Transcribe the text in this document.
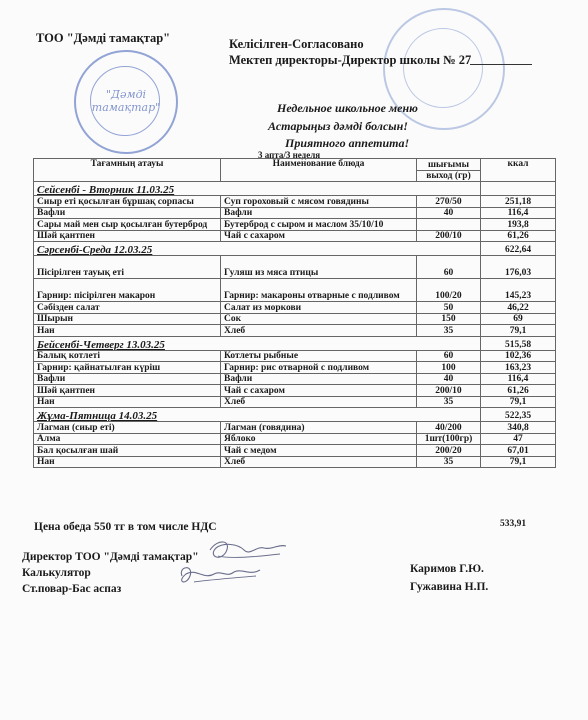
"Дәмді
тамақтар"
ТОО "Дәмді тамақтар"	Келісілген-Согласовано
Мектеп директоры-Директор школы № 27
Недельное школьное меню
Астарыңыз дәмді болсын!
Приятного аппетита!
3 апта/3 неделя
Тағамның атауы	Наименование блюда	шығымы	ккал
		выход (гр)	
Сейсенбі - Вторник 11.03.25			
Сиыр еті қосылған бұршақ сорпасы	Суп гороховый с мясом говядины	270/50	251,18
Вафли	Вафли	40	116,4
Сары май мен сыр қосылған бутерброд	Бутерброд с сыром и маслом 35/10/10		193,8
Шәй қантпен	Чай с сахаром	200/10	61,26
Сәрсенбі-Среда 12.03.25			622,64
Пісірілген тауық еті	Гуляш из мяса птицы	60	176,03
Гарнир: пісірілген макарон	Гарнир: макароны отварные с подливом	100/20	145,23
Сәбізден салат	Салат из моркови	50	46,22
Шырын	Сок	150	69
Нан	Хлеб	35	79,1
Бейсенбі-Четверг 13.03.25			515,58
Балық котлеті	Котлеты рыбные	60	102,36
Гарнир: қайнатылған күріш	Гарнир: рис отварной с подливом	100	163,23
Вафли	Вафли	40	116,4
Шәй қантпен	Чай с сахаром	200/10	61,26
Нан	Хлеб	35	79,1
Жұма-Пятница 14.03.25			522,35
Лагман (сиыр еті)	Лагман (говядина)	40/200	340,8
Алма	Яблоко	1шт(100гр)	47
Бал қосылған шай	Чай с медом	200/20	67,01
Нан	Хлеб	35	79,1
Цена обеда 550 тг в том числе НДС	533,91
Директор ТОО "Дәмді тамақтар"
Калькулятор
Ст.повар-Бас аспаз
Каримов Г.Ю.
Гужавина Н.П.
